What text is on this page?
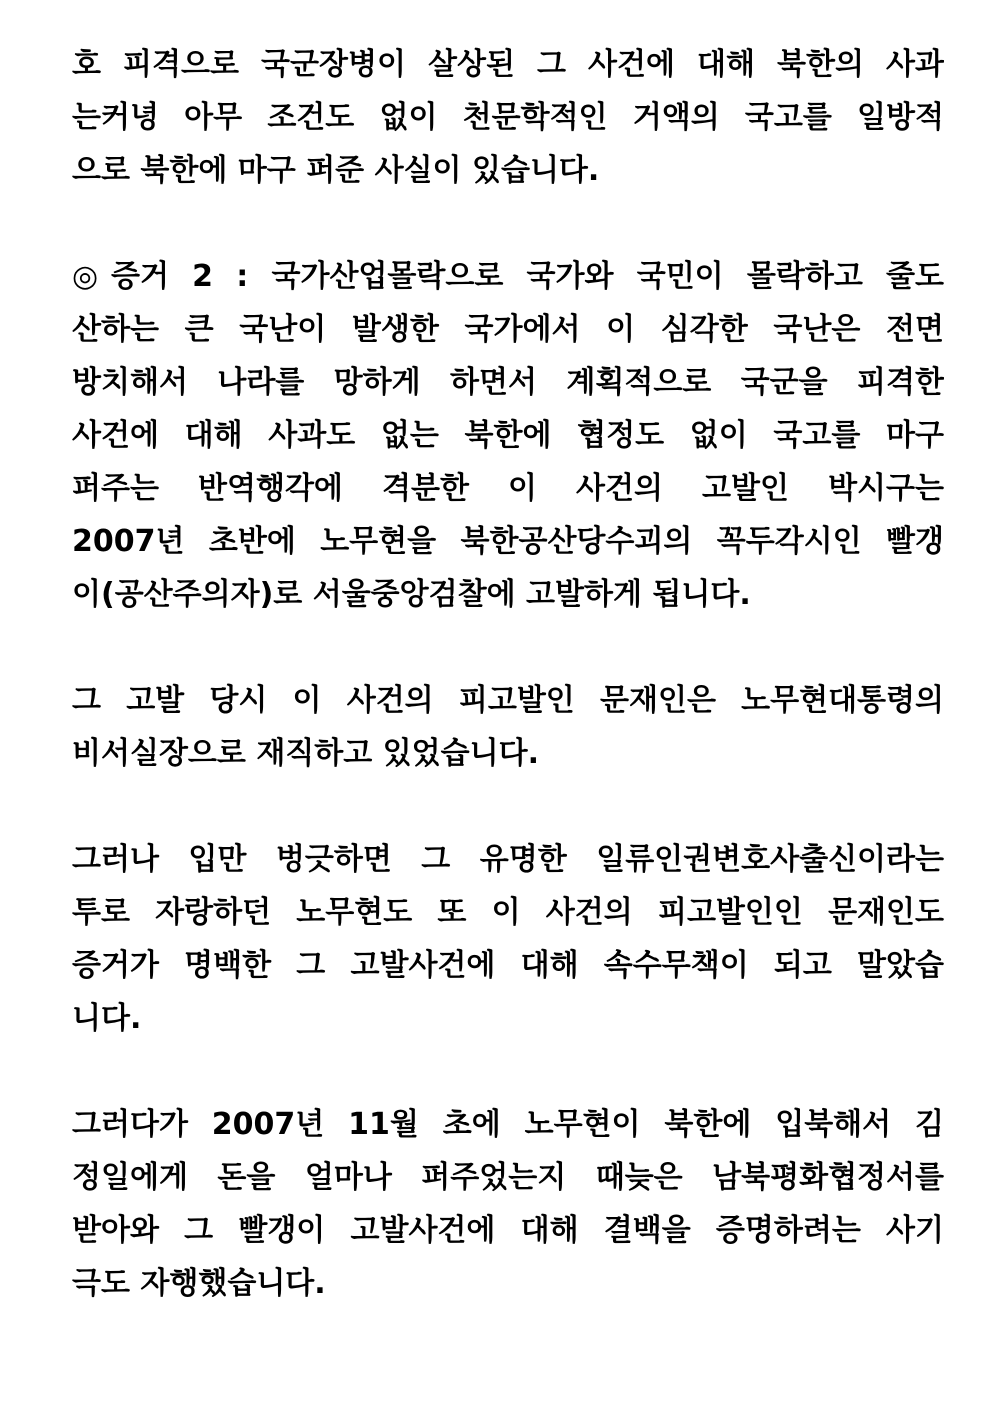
호 피격으로 국군장병이 살상된 그 사건에 대해 북한의 사과
는커녕 아무 조건도 없이 천문학적인 거액의 국고를 일방적
으로 북한에 마구 퍼준 사실이 있습니다.
◎증거 2 : 국가산업몰락으로 국가와 국민이 몰락하고 줄도
산하는 큰 국난이 발생한 국가에서 이 심각한 국난은 전면
방치해서 나라를 망하게 하면서 계획적으로 국군을 피격한
사건에 대해 사과도 없는 북한에 협정도 없이 국고를 마구
퍼주는 반역행각에 격분한 이 사건의 고발인 박시구는
2007년 초반에 노무현을 북한공산당수괴의 꼭두각시인 빨갱
이(공산주의자)로 서울중앙검찰에 고발하게 됩니다.
그 고발 당시 이 사건의 피고발인 문재인은 노무현대통령의
비서실장으로 재직하고 있었습니다.
그러나 입만 벙긋하면 그 유명한 일류인권변호사출신이라는
투로 자랑하던 노무현도 또 이 사건의 피고발인인 문재인도
증거가 명백한 그 고발사건에 대해 속수무책이 되고 말았습
니다.
그러다가 2007년 11월 초에 노무현이 북한에 입북해서 김
정일에게 돈을 얼마나 퍼주었는지 때늦은 남북평화협정서를
받아와 그 빨갱이 고발사건에 대해 결백을 증명하려는 사기
극도 자행했습니다.
